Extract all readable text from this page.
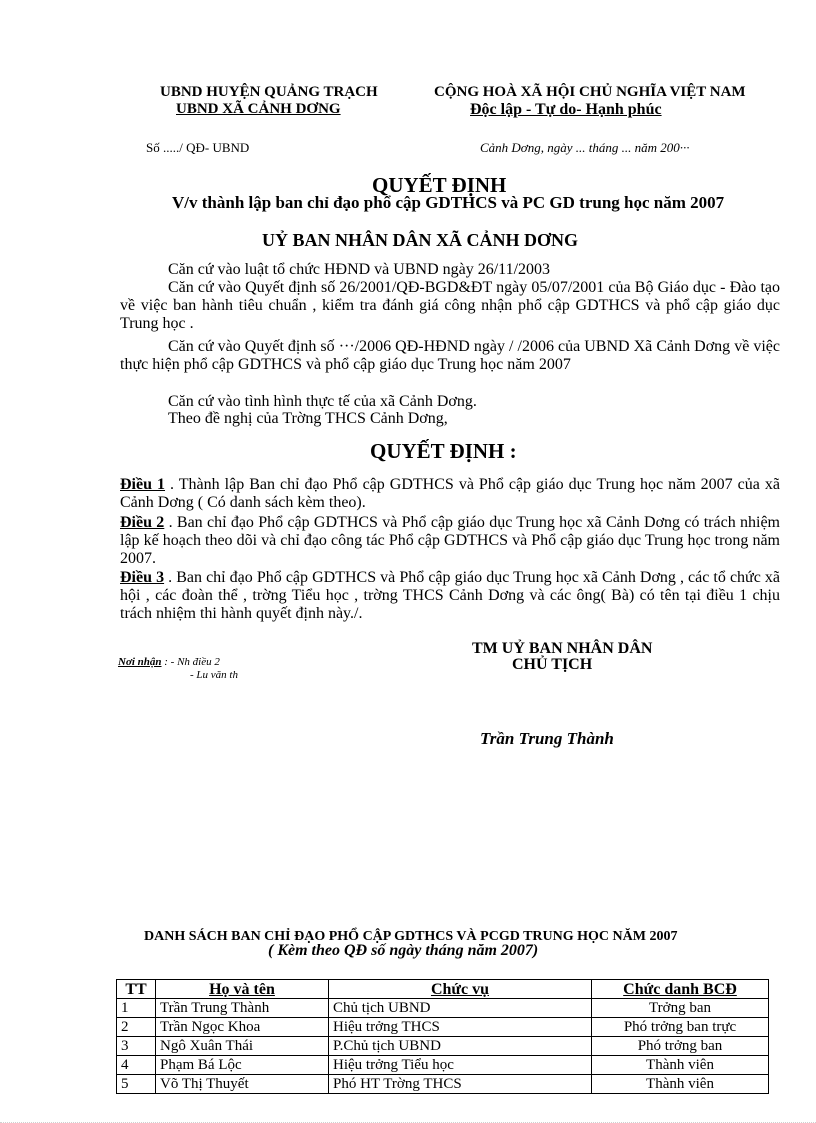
UBND HUYỆN QUẢNG TRẠCH
UBND XÃ CẢNH DƠNG
CỘNG HOÀ XÃ HỘI CHỦ NGHĨA VIỆT NAM
Độc lập - Tự do- Hạnh phúc
Số ...../ QĐ- UBND	Cảnh Dơng, ngày ... tháng ... năm 200···
QUYẾT ĐỊNH
V/v thành lập ban chỉ đạo phổ cập GDTHCS và PC GD trung học năm 2007
UỶ BAN NHÂN DÂN XÃ CẢNH DƠNG
Căn cứ vào luật tổ chức HĐND và UBND ngày 26/11/2003
Căn cứ vào Quyết định số 26/2001/QĐ-BGD&ĐT ngày 05/07/2001 của Bộ Giáo dục - Đào tạo về việc ban hành tiêu chuẩn , kiểm tra đánh giá công nhận phổ cập GDTHCS và phổ cập giáo dục Trung học .
Căn cứ vào Quyết định số ···/2006 QĐ-HĐND ngày / /2006 của UBND Xã Cảnh Dơng về việc thực hiện phổ cập GDTHCS và phổ cập giáo dục Trung học năm 2007
Căn cứ vào tình hình thực tế của xã Cảnh Dơng.
Theo đề nghị của Trờng THCS Cảnh Dơng,
QUYẾT ĐỊNH :
Điều 1 . Thành lập Ban chỉ đạo Phổ cập GDTHCS và Phổ cập giáo dục Trung học năm 2007 của xã Cảnh Dơng ( Có danh sách kèm theo).
Điều 2 . Ban chỉ đạo Phổ cập GDTHCS và Phổ cập giáo dục Trung học xã Cảnh Dơng có trách nhiệm lập kế hoạch theo dõi và chỉ đạo công tác Phổ cập GDTHCS và Phổ cập giáo dục Trung học trong năm 2007.
Điều 3 . Ban chỉ đạo Phổ cập GDTHCS và Phổ cập giáo dục Trung học xã Cảnh Dơng , các tổ chức xã hội , các đoàn thể , trờng Tiểu học , trờng THCS Cảnh Dơng và các ông( Bà) có tên tại điều 1 chịu trách nhiệm thi hành quyết định này./.
Nơi nhận : - Nh điều 2
- Lu văn th
TM UỶ BAN NHÂN DÂN
CHỦ TỊCH
Trần Trung Thành
DANH SÁCH BAN CHỈ ĐẠO PHỔ CẬP GDTHCS VÀ PCGD TRUNG HỌC NĂM 2007
( Kèm theo QĐ số ngày tháng năm 2007)
TT	Họ và tên	Chức vụ	Chức danh BCĐ
1	Trần Trung Thành	Chủ tịch UBND	Trởng ban
2	Trần Ngọc Khoa	Hiệu trởng THCS	Phó trởng ban trực
3	Ngô Xuân Thái	P.Chủ tịch UBND	Phó trởng ban
4	Phạm Bá Lộc	Hiệu trởng Tiểu học	Thành viên
5	Võ Thị Thuyết	Phó HT Trờng THCS	Thành viên
